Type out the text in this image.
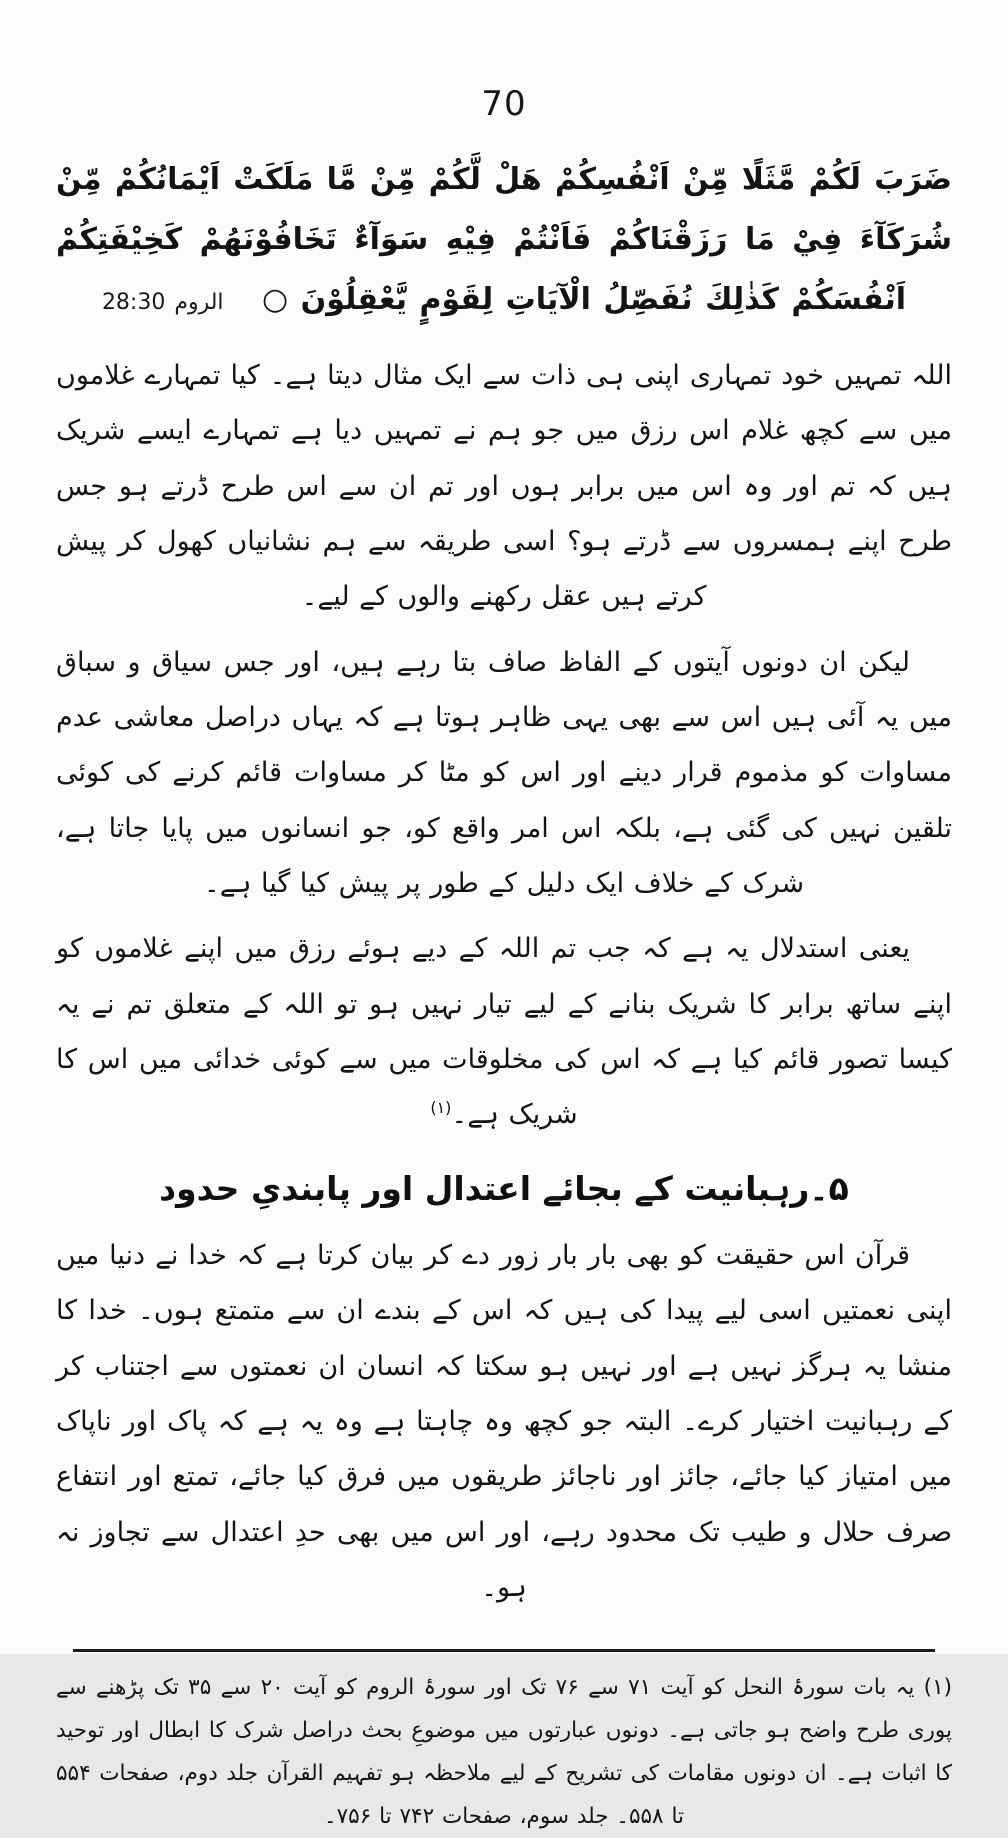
70
ضَرَبَ لَكُمْ مَّثَلًا مِّنْ اَنْفُسِكُمْ هَلْ لَّكُمْ مِّنْ مَّا مَلَكَتْ اَيْمَانُكُمْ مِّنْ شُرَكَآءَ فِيْ مَا رَزَقْنَاكُمْ فَاَنْتُمْ فِيْهِ سَوَآءٌ تَخَافُوْنَهُمْ كَخِيْفَتِكُمْ اَنْفُسَكُمْ كَذٰلِكَ نُفَصِّلُ الْآيَاتِ لِقَوْمٍ يَّعْقِلُوْنَ ○ الروم 28:30

اللہ تمہیں خود تمہاری اپنی ہی ذات سے ایک مثال دیتا ہے۔ کیا تمہارے غلاموں میں سے کچھ غلام اس رزق میں جو ہم نے تمہیں دیا ہے تمہارے ایسے شریک ہیں کہ تم اور وہ اس میں برابر ہوں اور تم ان سے اس طرح ڈرتے ہو جس طرح اپنے ہمسروں سے ڈرتے ہو؟ اسی طریقہ سے ہم نشانیاں کھول کر پیش کرتے ہیں عقل رکھنے والوں کے لیے۔

لیکن ان دونوں آیتوں کے الفاظ صاف بتا رہے ہیں، اور جس سیاق و سباق میں یہ آئی ہیں اس سے بھی یہی ظاہر ہوتا ہے کہ یہاں دراصل معاشی عدم مساوات کو مذموم قرار دینے اور اس کو مٹا کر مساوات قائم کرنے کی کوئی تلقین نہیں کی گئی ہے، بلکہ اس امر واقع کو، جو انسانوں میں پایا جاتا ہے، شرک کے خلاف ایک دلیل کے طور پر پیش کیا گیا ہے۔

یعنی استدلال یہ ہے کہ جب تم اللہ کے دیے ہوئے رزق میں اپنے غلاموں کو اپنے ساتھ برابر کا شریک بنانے کے لیے تیار نہیں ہو تو اللہ کے متعلق تم نے یہ کیسا تصور قائم کیا ہے کہ اس کی مخلوقات میں سے کوئی خدائی میں اس کا شریک ہے۔$^{(۱)}$

۵۔رہبانیت کے بجائے اعتدال اور پابندیِ حدود

قرآن اس حقیقت کو بھی بار بار زور دے کر بیان کرتا ہے کہ خدا نے دنیا میں اپنی نعمتیں اسی لیے پیدا کی ہیں کہ اس کے بندے ان سے متمتع ہوں۔ خدا کا منشا یہ ہرگز نہیں ہے اور نہیں ہو سکتا کہ انسان ان نعمتوں سے اجتناب کر کے رہبانیت اختیار کرے۔ البتہ جو کچھ وہ چاہتا ہے وہ یہ ہے کہ پاک اور ناپاک میں امتیاز کیا جائے، جائز اور ناجائز طریقوں میں فرق کیا جائے، تمتع اور انتفاع صرف حلال و طیب تک محدود رہے، اور اس میں بھی حدِ اعتدال سے تجاوز نہ ہو۔

(۱) یہ بات سورۂ النحل کو آیت ۷۱ سے ۷۶ تک اور سورۂ الروم کو آیت ۲۰ سے ۳۵ تک پڑھنے سے پوری طرح واضح ہو جاتی ہے۔ دونوں عبارتوں میں موضوعِ بحث دراصل شرک کا ابطال اور توحید کا اثبات ہے۔ ان دونوں مقامات کی تشریح کے لیے ملاحظہ ہو تفہیم القرآن جلد دوم، صفحات ۵۵۴ تا ۵۵۸۔ جلد سوم، صفحات ۷۴۲ تا ۷۵۶۔
